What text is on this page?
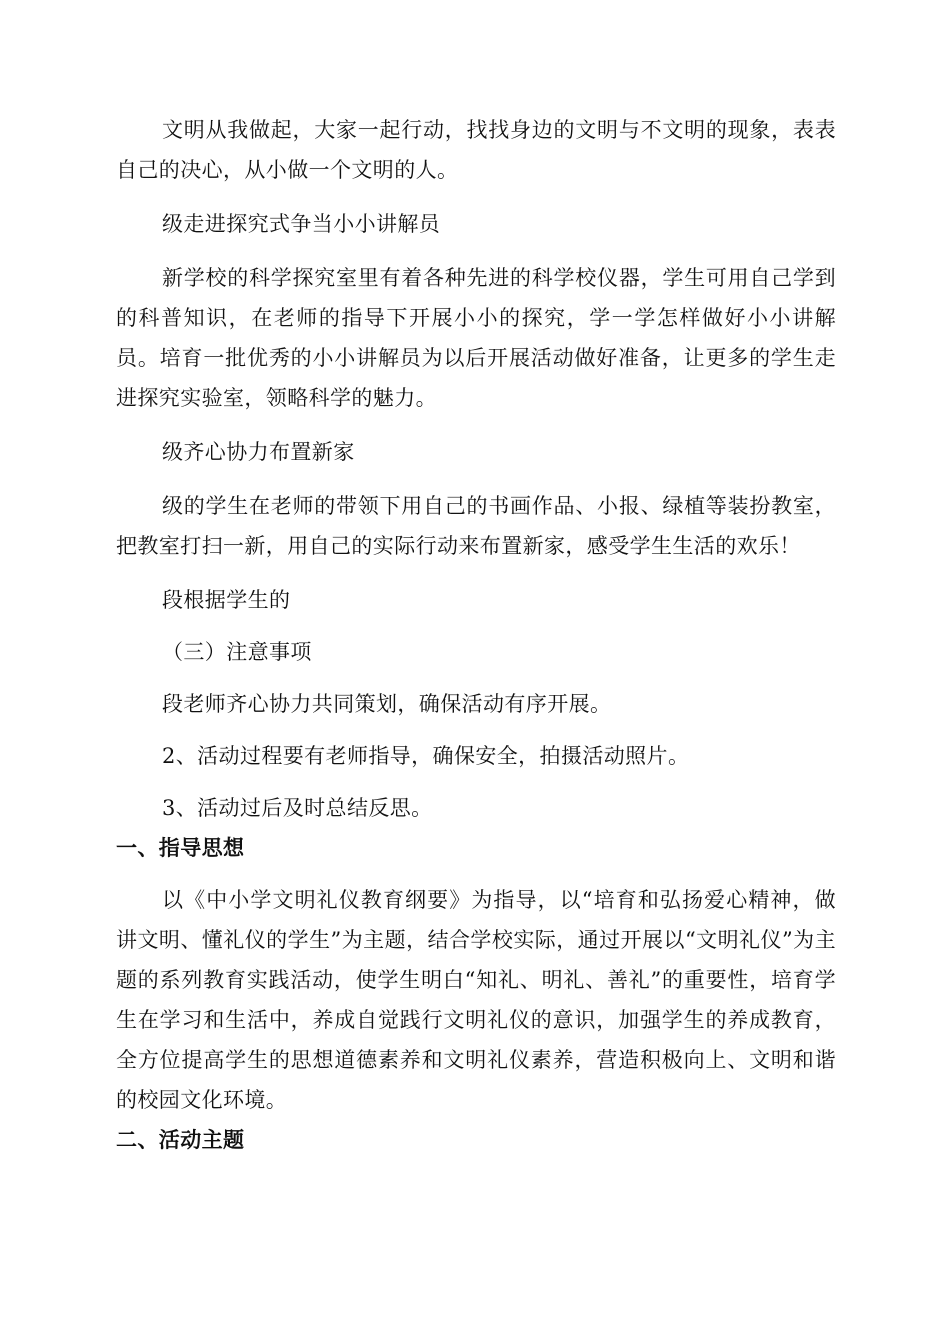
文明从我做起，大家一起行动，找找身边的文明与不文明的现象，表表自己的决心，从小做一个文明的人。

级走进探究式争当小小讲解员

新学校的科学探究室里有着各种先进的科学校仪器，学生可用自己学到的科普知识，在老师的指导下开展小小的探究，学一学怎样做好小小讲解员。培育一批优秀的小小讲解员为以后开展活动做好准备，让更多的学生走进探究实验室，领略科学的魅力。

级齐心协力布置新家

级的学生在老师的带领下用自己的书画作品、小报、绿植等装扮教室，把教室打扫一新，用自己的实际行动来布置新家，感受学生生活的欢乐！

段根据学生的

（三）注意事项

段老师齐心协力共同策划，确保活动有序开展。

2、活动过程要有老师指导，确保安全，拍摄活动照片。

3、活动过后及时总结反思。

一、指导思想

以《中小学文明礼仪教育纲要》为指导，以“培育和弘扬爱心精神，做讲文明、懂礼仪的学生”为主题，结合学校实际，通过开展以“文明礼仪”为主题的系列教育实践活动，使学生明白“知礼、明礼、善礼”的重要性，培育学生在学习和生活中，养成自觉践行文明礼仪的意识，加强学生的养成教育，全方位提高学生的思想道德素养和文明礼仪素养，营造积极向上、文明和谐的校园文化环境。

二、活动主题
